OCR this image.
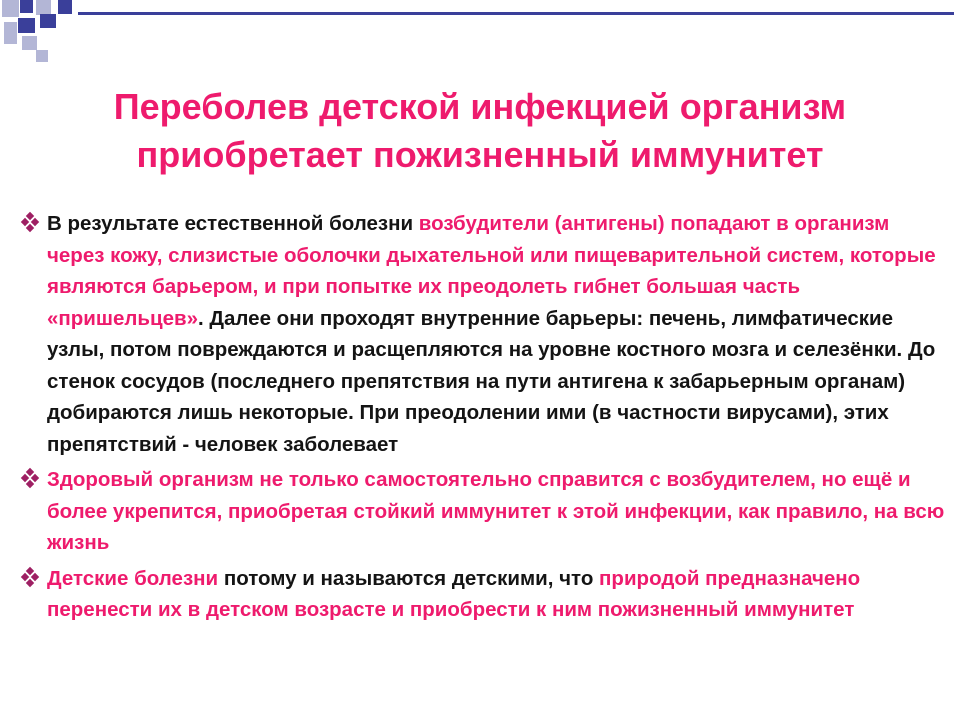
Переболев детской инфекцией организм
приобретает пожизненный иммунитет
В результате естественной болезни возбудители (антигены) попадают в организм через кожу, слизистые оболочки дыхательной или пищеварительной систем, которые являются барьером, и при попытке их преодолеть гибнет большая часть «пришельцев». Далее они проходят внутренние барьеры: печень, лимфатические узлы, потом повреждаются и расщепляются на уровне костного мозга и селезёнки. До стенок сосудов (последнего препятствия на пути антигена к забарьерным органам) добираются лишь некоторые. При преодолении ими (в частности вирусами), этих препятствий - человек заболевает
Здоровый организм не только самостоятельно справится с возбудителем, но ещё и более укрепится, приобретая стойкий иммунитет к этой инфекции, как правило, на всю жизнь
Детские болезни потому и называются детскими, что природой предназначено перенести их в детском возрасте и приобрести к ним пожизненный иммунитет
